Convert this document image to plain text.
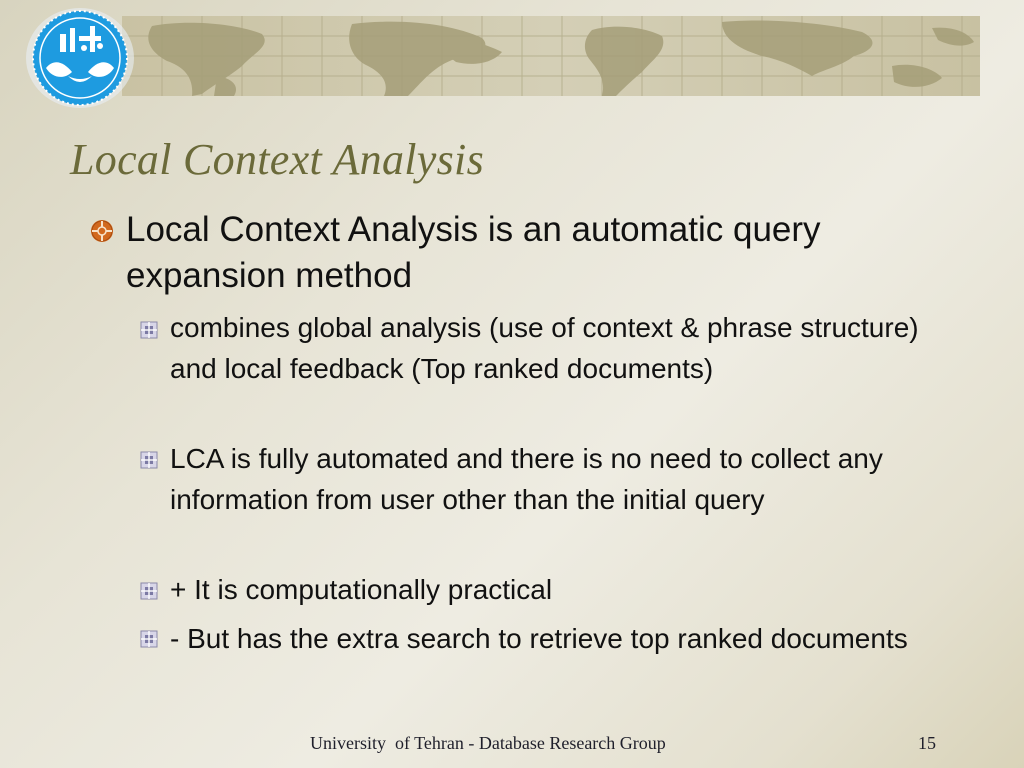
Local Context Analysis
Local Context Analysis is an automatic query expansion method
combines global analysis (use of context & phrase structure) and local feedback (Top ranked documents)
LCA is fully automated and there is no need to collect any information from user other than the initial query
+ It is computationally practical
- But has the extra search to retrieve top ranked documents
University  of Tehran - Database Research Group	15
